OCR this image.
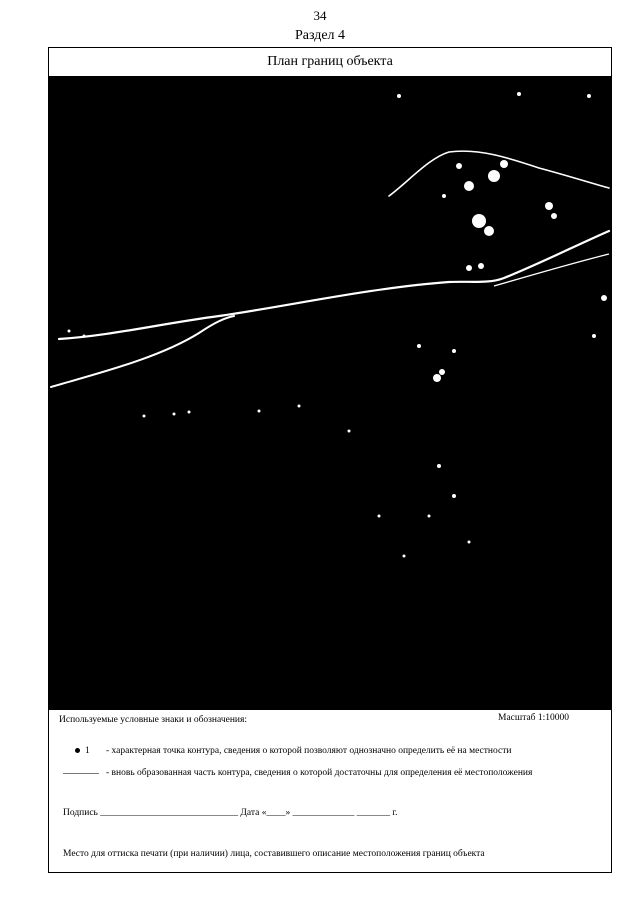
34
Раздел 4
План границ объекта
Используемые условные знаки и обозначения:	Масштаб 1:10000
1	- характерная точка контура, сведения о которой позволяют однозначно определить её на местности
- вновь образованная часть контура, сведения о которой достаточны для определения её местоположения
Подпись _____________________________ Дата «____» _____________ _______ г.
Место для оттиска печати (при наличии) лица, составившего описание местоположения границ объекта
